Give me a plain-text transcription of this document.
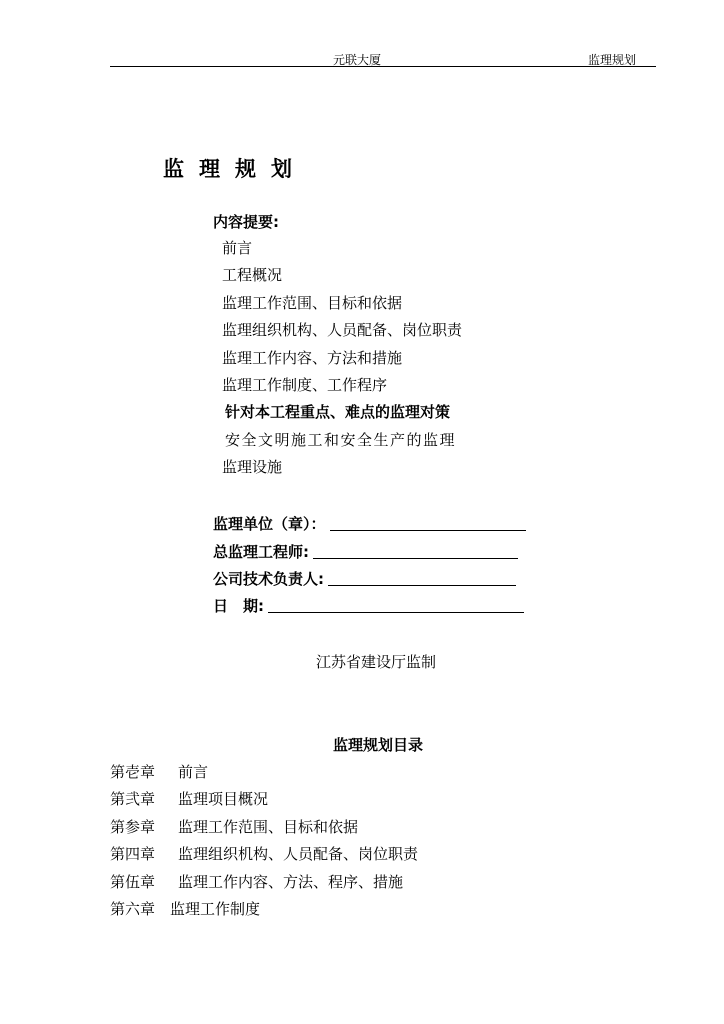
元联大厦	监理规划
监理规划
内容提要:
前言
工程概况
监理工作范围、目标和依据
监理组织机构、人员配备、岗位职责
监理工作内容、方法和措施
监理工作制度、工作程序
针对本工程重点、难点的监理对策
安全文明施工和安全生产的监理
监理设施
监理单位（章）：
总监理工程师:
公司技术负责人:
日　期:
江苏省建设厅监制
监理规划目录
第壱章	前言
第弐章	监理项目概况
第参章	监理工作范围、目标和依据
第四章	监理组织机构、人员配备、岗位职责
第伍章	监理工作内容、方法、程序、措施
第六章 监理工作制度
